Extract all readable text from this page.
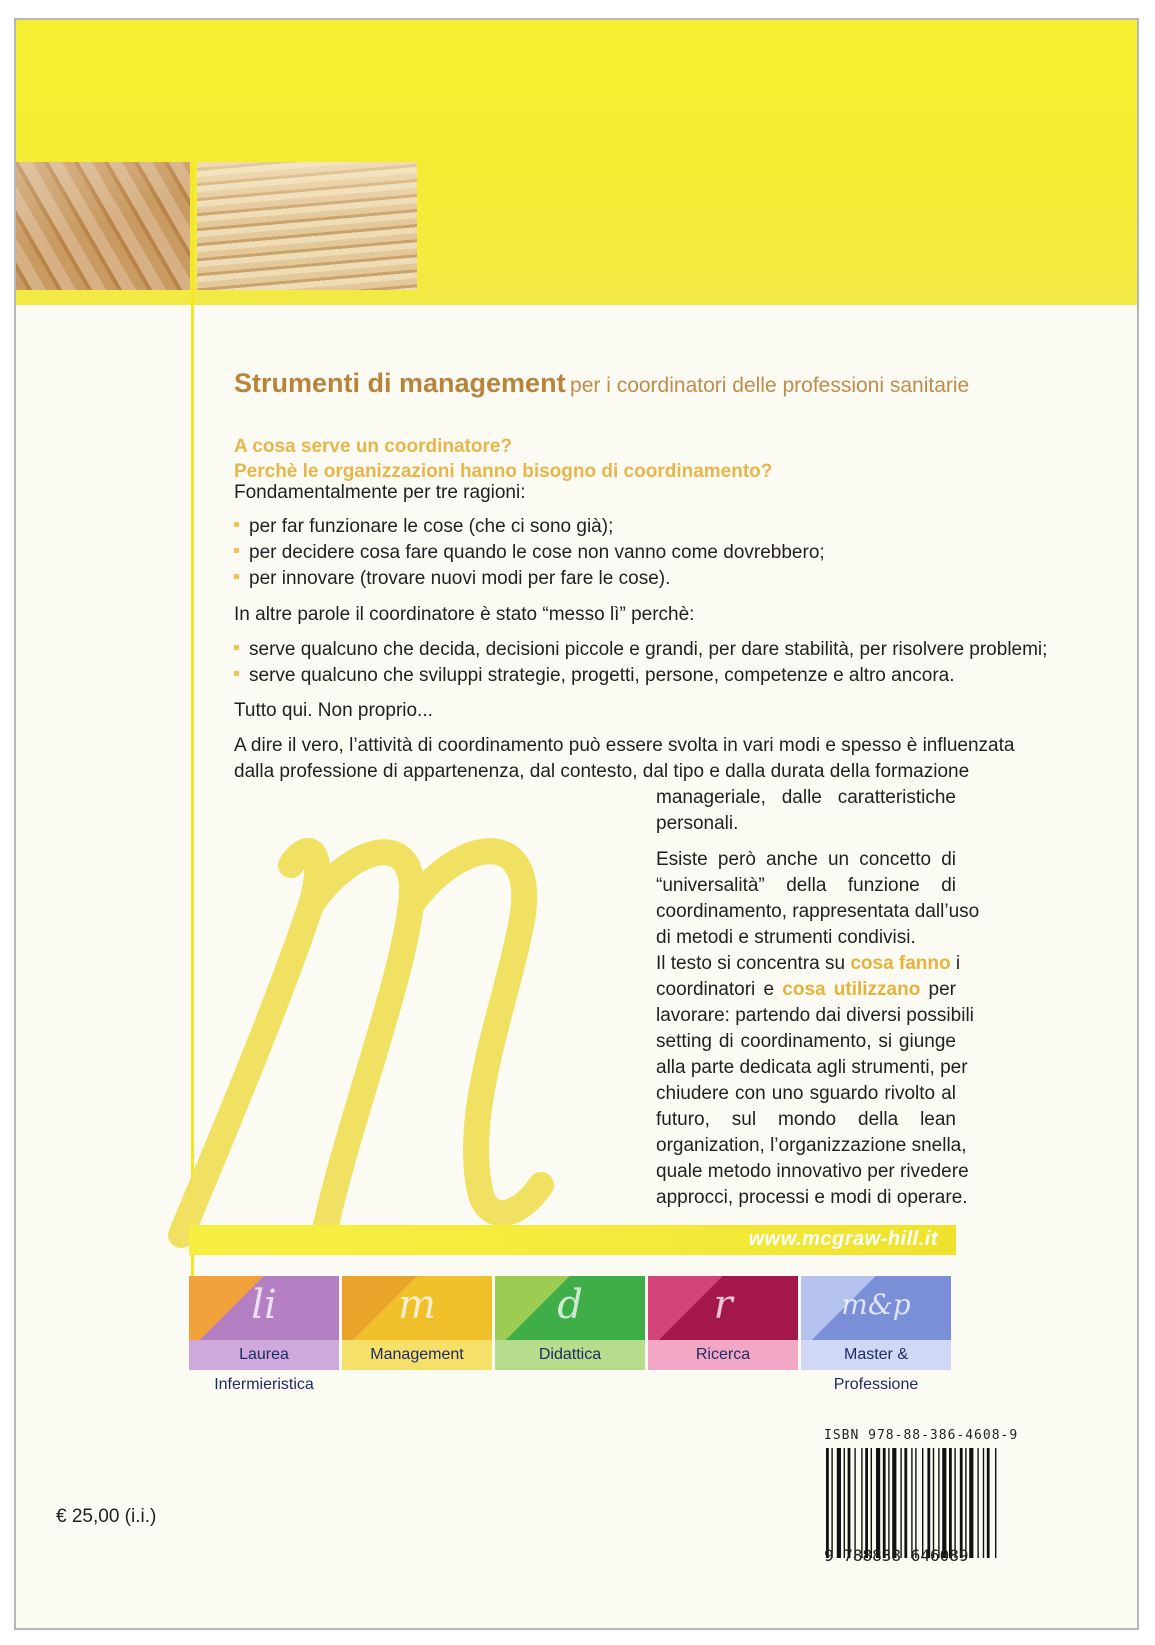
Strumenti di management per i coordinatori delle professioni sanitarie
A cosa serve un coordinatore?
Perchè le organizzazioni hanno bisogno di coordinamento?
Fondamentalmente per tre ragioni:
per far funzionare le cose (che ci sono già);
per decidere cosa fare quando le cose non vanno come dovrebbero;
per innovare (trovare nuovi modi per fare le cose).
In altre parole il coordinatore è stato “messo lì” perchè:
serve qualcuno che decida, decisioni piccole e grandi, per dare stabilità, per risolvere problemi;
serve qualcuno che sviluppi strategie, progetti, persone, competenze e altro ancora.
Tutto qui. Non proprio...
A dire il vero, l’attività di coordinamento può essere svolta in vari modi e spesso è influenzata
dalla professione di appartenenza, dal contesto, dal tipo e dalla durata della formazione
manageriale, dalle caratteristiche
personali.
Esiste però anche un concetto di
“universalità” della funzione di
coordinamento, rappresentata dall’uso
di metodi e strumenti condivisi.
Il testo si concentra su cosa fanno i
coordinatori e cosa utilizzano per
lavorare: partendo dai diversi possibili
setting di coordinamento, si giunge
alla parte dedicata agli strumenti, per
chiudere con uno sguardo rivolto al
futuro, sul mondo della lean
organization, l’organizzazione snella,
quale metodo innovativo per rivedere
approcci, processi e modi di operare.
www.mcgraw-hill.it
li
Laurea Infermieristica
m
Management
d
Didattica
r
Ricerca
m&p
Master & Professione
ISBN 978-88-386-4608-9
9 788838 646089
€ 25,00 (i.i.)
